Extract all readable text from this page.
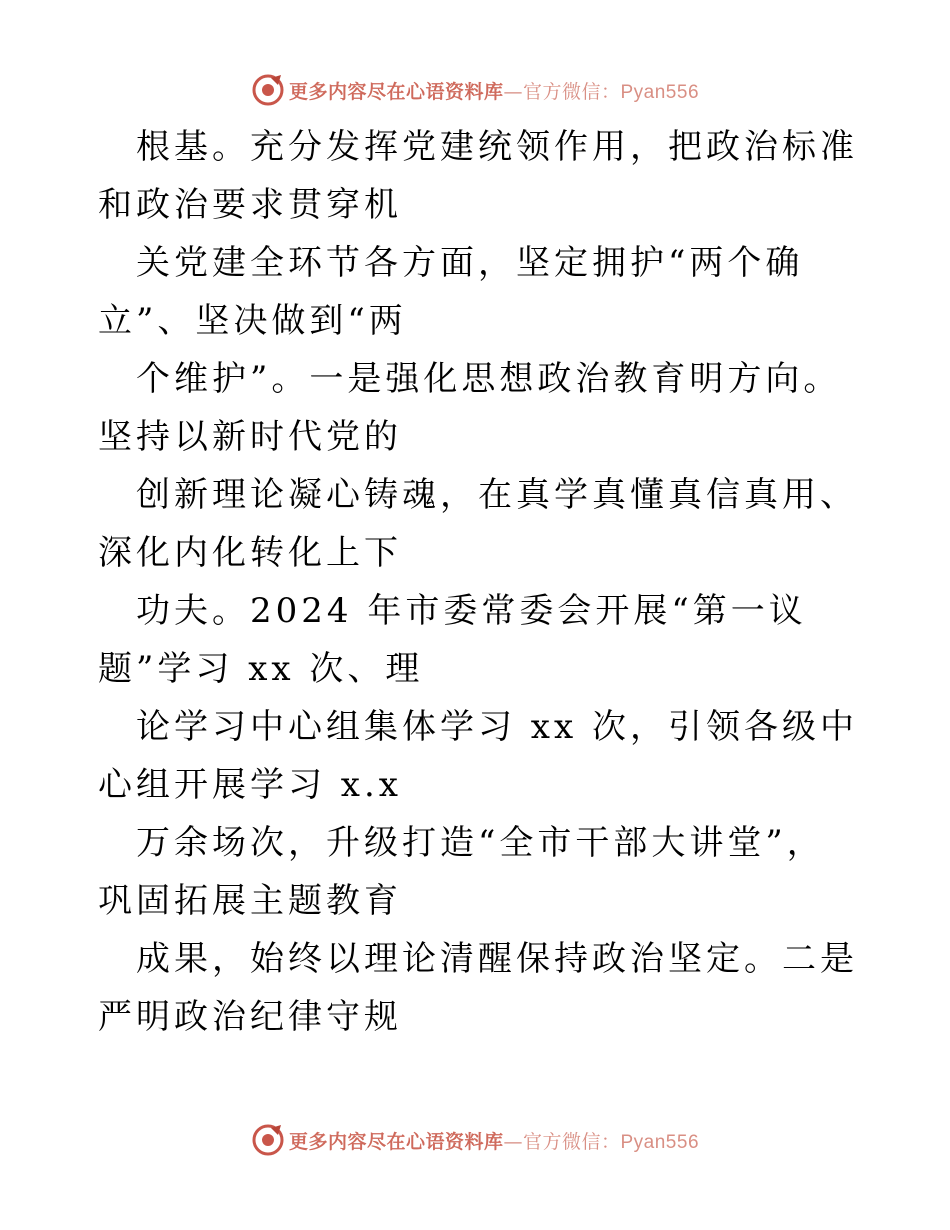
更多内容尽在心语资料库—官方微信：Pyan556

根基。充分发挥党建统领作用，把政治标准和政治要求贯穿机

关党建全环节各方面，坚定拥护“两个确立”、坚决做到“两

个维护”。一是强化思想政治教育明方向。坚持以新时代党的

创新理论凝心铸魂，在真学真懂真信真用、深化内化转化上下

功夫。2024 年市委常委会开展“第一议题”学习 xx 次、理

论学习中心组集体学习 xx 次，引领各级中心组开展学习 x.x

万余场次，升级打造“全市干部大讲堂”，巩固拓展主题教育

成果，始终以理论清醒保持政治坚定。二是严明政治纪律守规

更多内容尽在心语资料库—官方微信：Pyan556
